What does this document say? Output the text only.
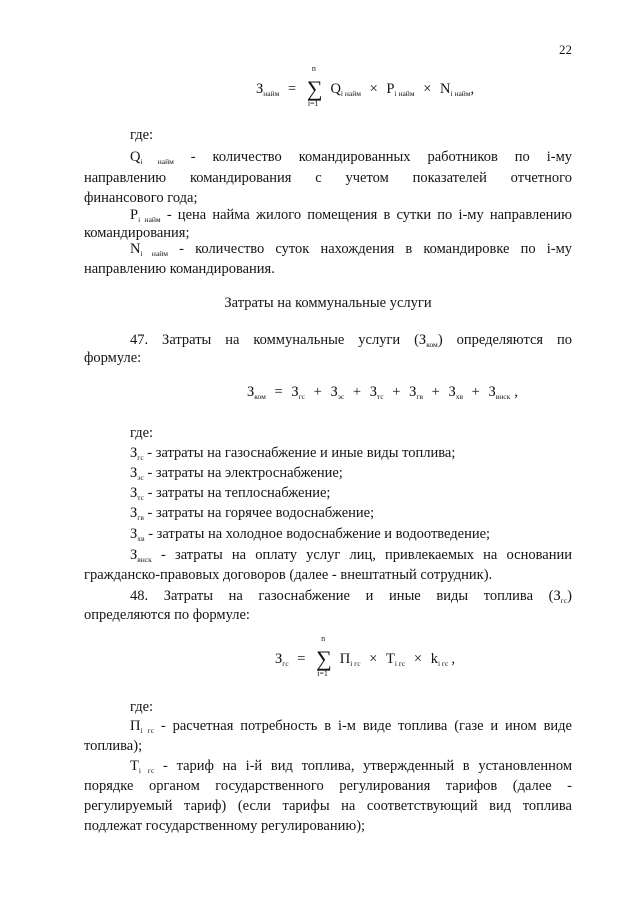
22
$З_{найм}$ = ∑
n
i=1
$Q_{i найм} \times P_{i найм} \times N_{i найм}$,
где:
$Q_{i найм}$ - количество командированных работников по i-му
направлению командирования с учетом показателей отчетного
финансового года;
$P_{i найм}$ - цена найма жилого помещения в сутки по i-му направлению
командирования;
$N_{i найм}$ - количество суток нахождения в командировке по i-му
направлению командирования.
Затраты на коммунальные услуги
47. Затраты на коммунальные услуги $(З_{ком})$ определяются по
формуле:
$З_{ком} = З_{гс} + З_{эс} + З_{тс} + З_{гв} + З_{хв} + З_{внск}$ ,
где:
$З_{гс}$ - затраты на газоснабжение и иные виды топлива;
$З_{эс}$ - затраты на электроснабжение;
$З_{тс}$ - затраты на теплоснабжение;
$З_{гв}$ - затраты на горячее водоснабжение;
$З_{хв}$ - затраты на холодное водоснабжение и водоотведение;
$З_{внск}$ - затраты на оплату услуг лиц, привлекаемых на основании
гражданско-правовых договоров (далее - внештатный сотрудник).
48. Затраты на газоснабжение и иные виды топлива $(З_{гс})$
определяются по формуле:
$З_{гс}$ = ∑
n
i=1
$П_{i гс} \times Т_{i гс} \times k_{i гс}$ ,
где:
$П_{i гс}$ - расчетная потребность в i-м виде топлива (газе и ином виде
топлива);
$Т_{i гс}$ - тариф на i-й вид топлива, утвержденный в установленном
порядке органом государственного регулирования тарифов (далее -
регулируемый тариф) (если тарифы на соответствующий вид топлива
подлежат государственному регулированию);
